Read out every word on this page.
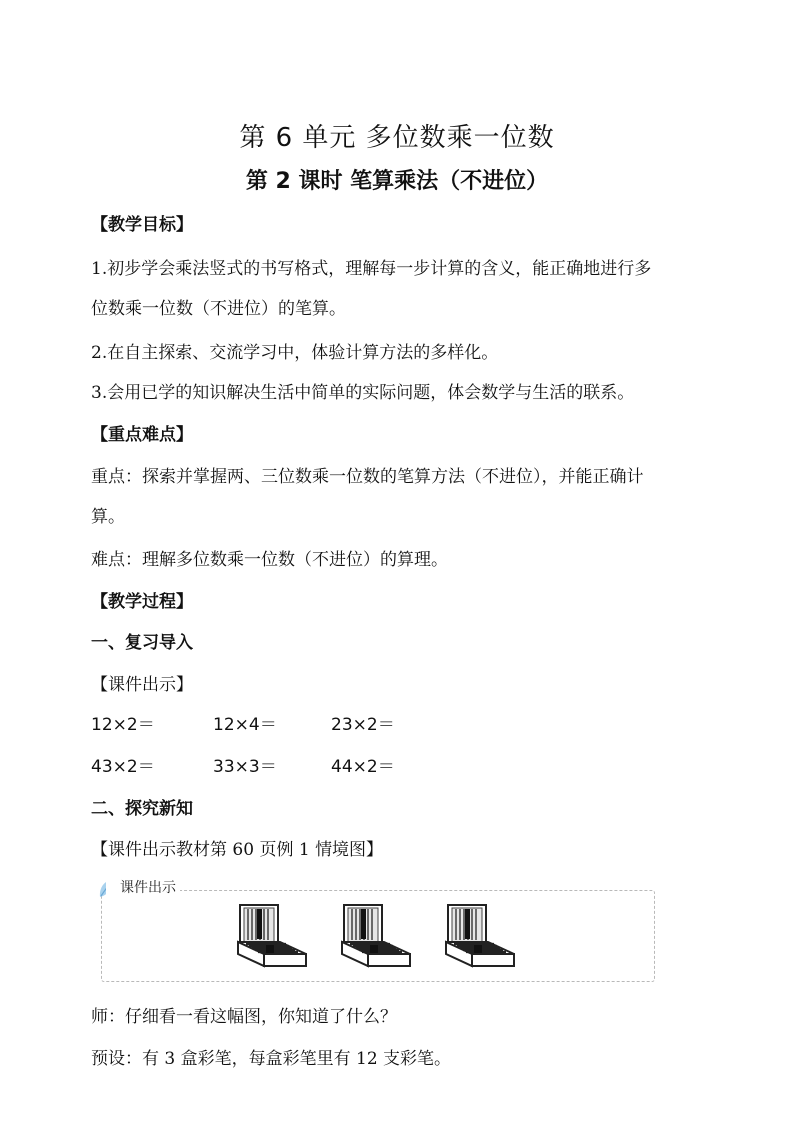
第 6 单元 多位数乘一位数
第 2 课时 笔算乘法（不进位）
【教学目标】
1.初步学会乘法竖式的书写格式，理解每一步计算的含义，能正确地进行多
位数乘一位数（不进位）的笔算。
2.在自主探索、交流学习中，体验计算方法的多样化。
3.会用已学的知识解决生活中简单的实际问题，体会数学与生活的联系。
【重点难点】
重点：探索并掌握两、三位数乘一位数的笔算方法（不进位），并能正确计
算。
难点：理解多位数乘一位数（不进位）的算理。
【教学过程】
一、复习导入
【课件出示】
12×2＝	12×4＝	23×2＝
43×2＝	33×3＝	44×2＝
二、探究新知
【课件出示教材第 60 页例 1 情境图】
课件出示
师：仔细看一看这幅图，你知道了什么？
预设：有 3 盒彩笔，每盒彩笔里有 12 支彩笔。
